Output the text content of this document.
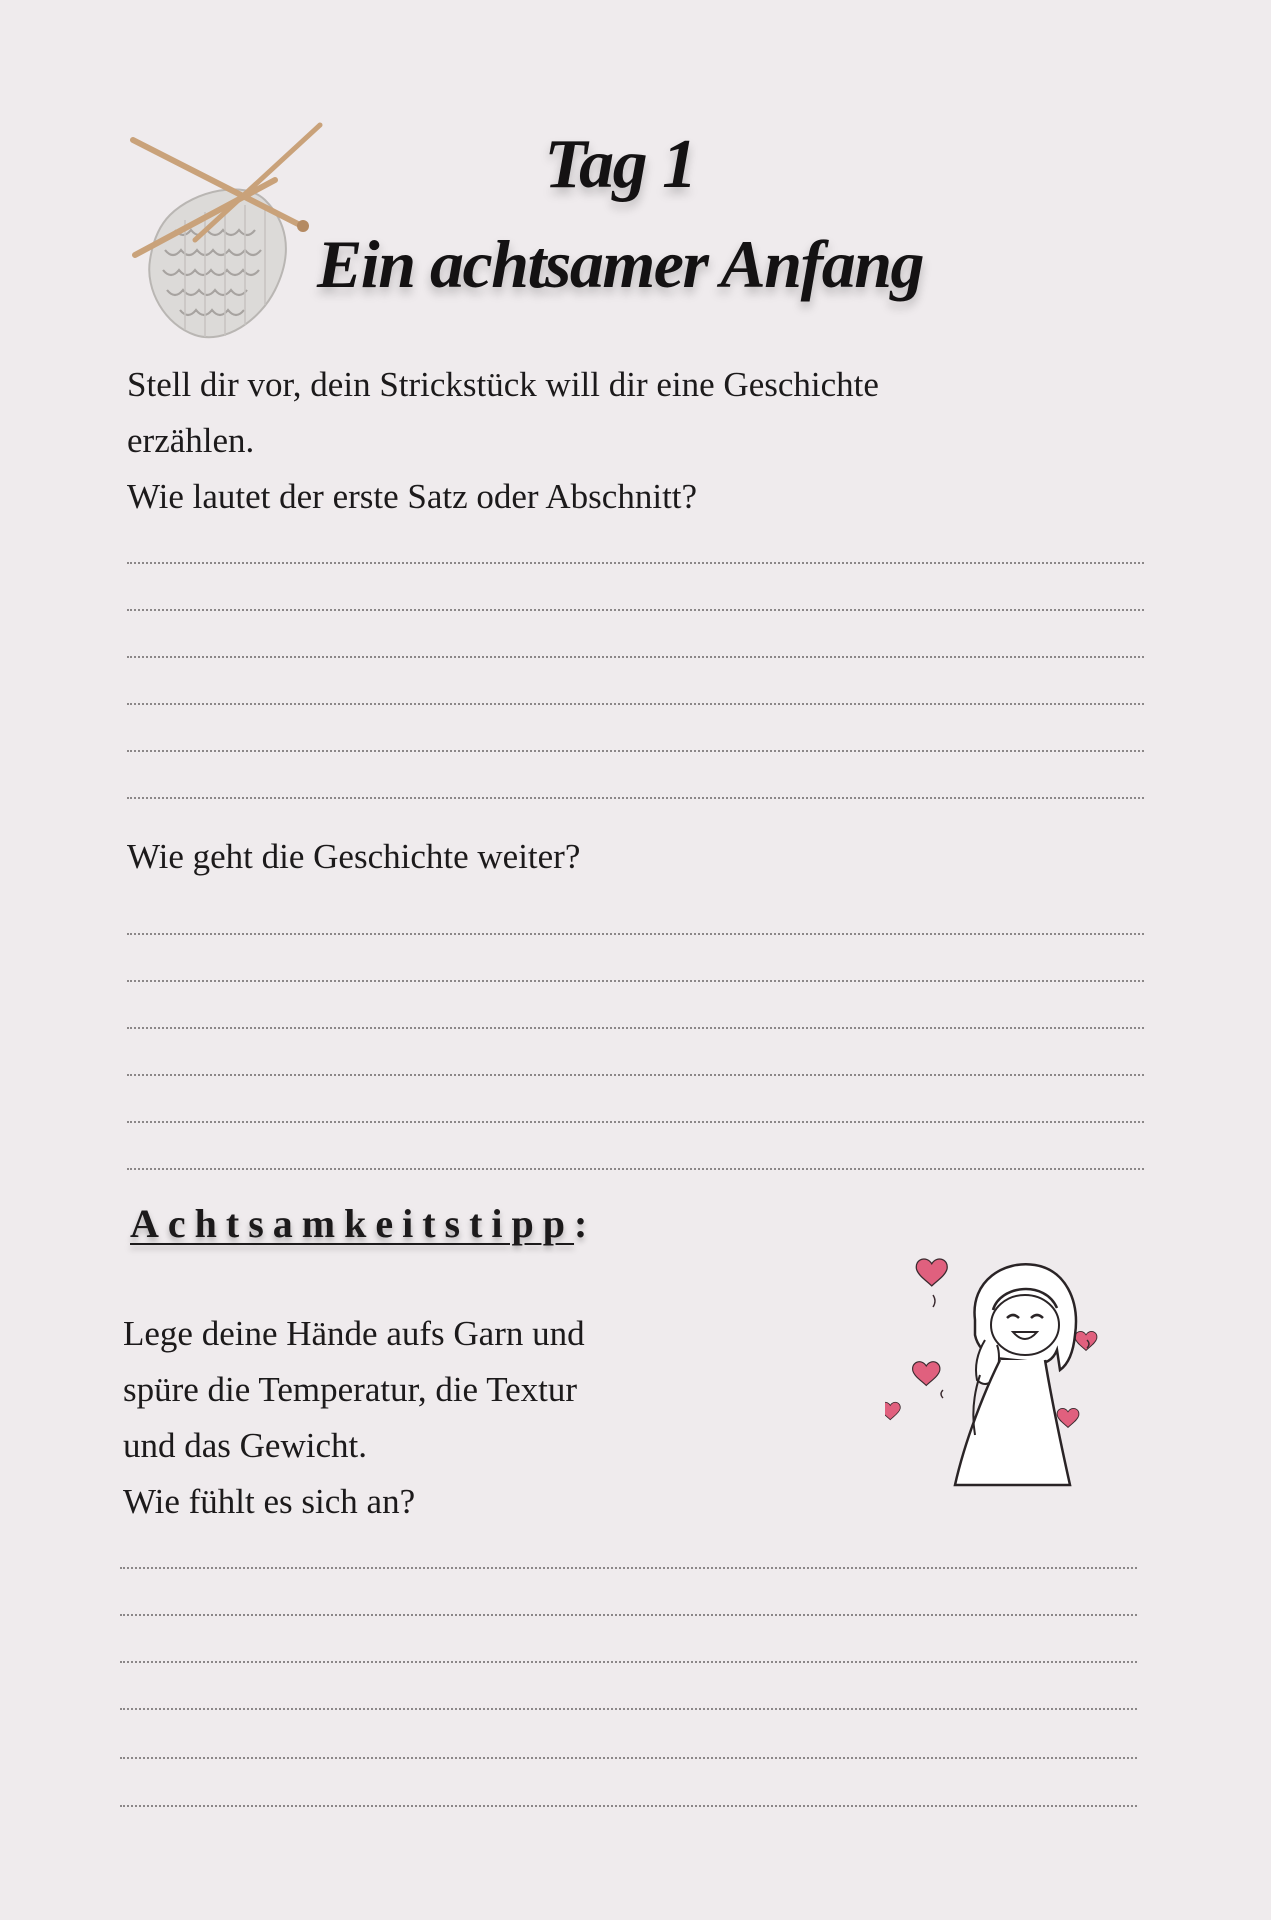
Tag 1
Ein achtsamer Anfang
Stell dir vor, dein Strickstück will dir eine Geschichte
erzählen.
Wie lautet der erste Satz oder Abschnitt?
Wie geht die Geschichte weiter?
Achtsamkeitstipp:
Lege deine Hände aufs Garn und
spüre die Temperatur, die Textur
und das Gewicht.
Wie fühlt es sich an?
